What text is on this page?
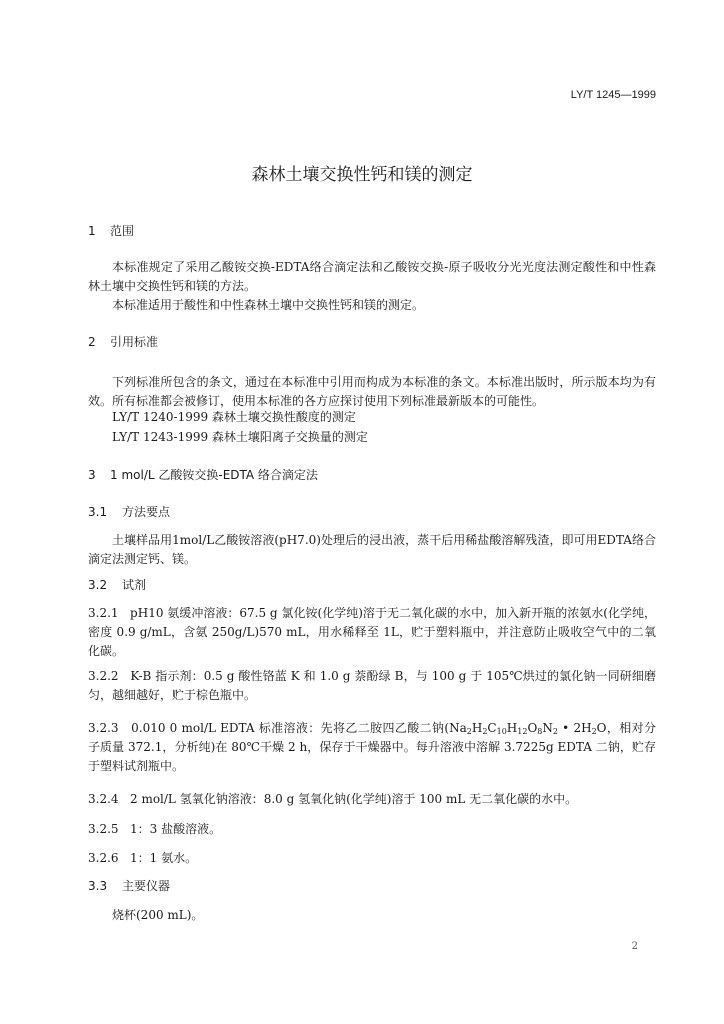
LY/T 1245—1999
森林土壤交换性钙和镁的测定
1 范围
本标准规定了采用乙酸铵交换-EDTA络合滴定法和乙酸铵交换-原子吸收分光光度法测定酸性和中性森林土壤中交换性钙和镁的方法。
本标准适用于酸性和中性森林土壤中交换性钙和镁的测定。
2 引用标准
下列标准所包含的条文，通过在本标准中引用而构成为本标准的条文。本标准出版时，所示版本均为有效。所有标准都会被修订，使用本标准的各方应探讨使用下列标准最新版本的可能性。
LY/T 1240-1999 森林土壤交换性酸度的测定
LY/T 1243-1999 森林土壤阳离子交换量的测定
3 1 mol/L 乙酸铵交换-EDTA 络合滴定法
3.1 方法要点
土壤样品用1mol/L乙酸铵溶液(pH7.0)处理后的浸出液，蒸干后用稀盐酸溶解残渣，即可用EDTA络合滴定法测定钙、镁。
3.2 试剂
3.2.1 pH10 氨缓冲溶液：67.5 g 氯化铵(化学纯)溶于无二氧化碳的水中，加入新开瓶的浓氨水(化学纯，密度 0.9 g/mL，含氨 250g/L)570 mL，用水稀释至 1L，贮于塑料瓶中，并注意防止吸收空气中的二氧化碳。
3.2.2 K-B 指示剂：0.5 g 酸性铬蓝 K 和 1.0 g 萘酚绿 B，与 100 g 于 105℃烘过的氯化钠一同研细磨匀，越细越好，贮于棕色瓶中。
3.2.3 0.010 0 mol/L EDTA 标准溶液：先将乙二胺四乙酸二钠($Na_2H_2C_{10}H_{12}O_8N_2$ • $2H_2O$，相对分子质量 372.1，分析纯)在 80℃干燥 2 h，保存于干燥器中。每升溶液中溶解 3.7225g EDTA 二钠，贮存于塑料试剂瓶中。
3.2.4 2 mol/L 氢氧化钠溶液：8.0 g 氢氧化钠(化学纯)溶于 100 mL 无二氧化碳的水中。
3.2.5 1：3 盐酸溶液。
3.2.6 1：1 氨水。
3.3 主要仪器
烧杯(200 mL)。
2
